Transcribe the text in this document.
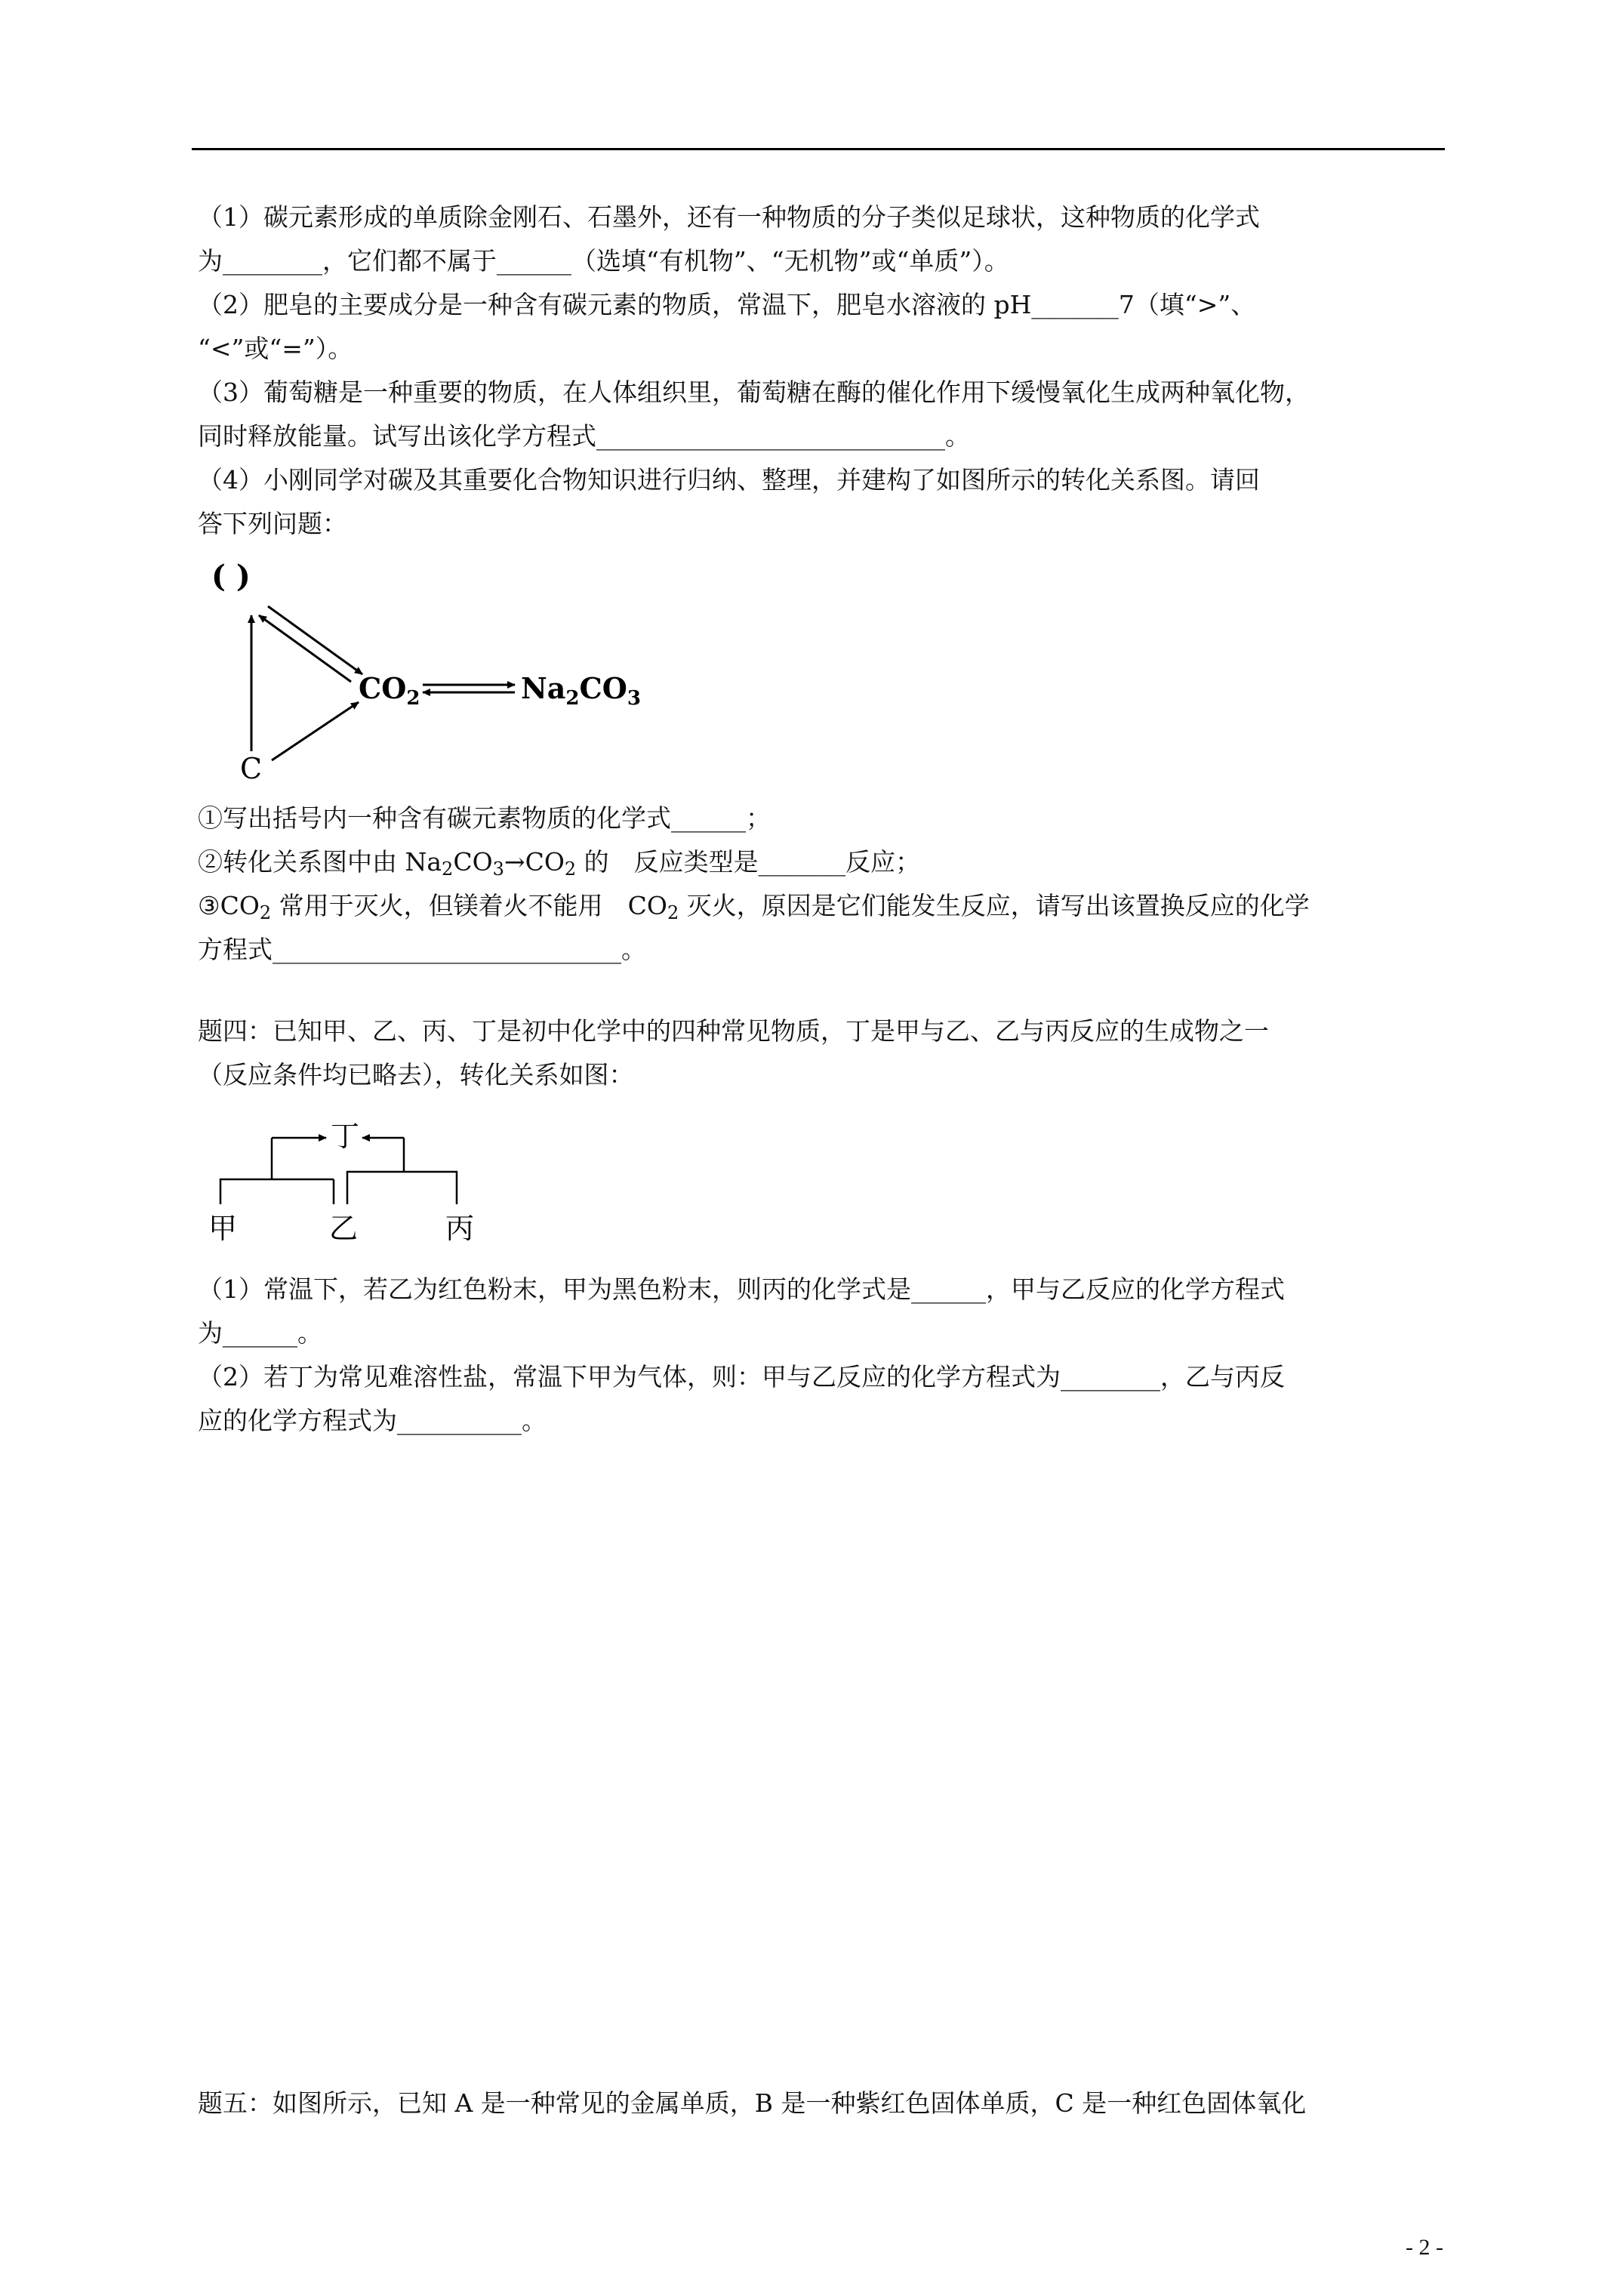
（1）碳元素形成的单质除金刚石、石墨外，还有一种物质的分子类似足球状，这种物质的化学式
为________，它们都不属于______（选填“有机物”、“无机物”或“单质”）。
（2）肥皂的主要成分是一种含有碳元素的物质，常温下，肥皂水溶液的 pH_______7（填“>”、
“<”或“=”）。
（3）葡萄糖是一种重要的物质，在人体组织里，葡萄糖在酶的催化作用下缓慢氧化生成两种氧化物，
同时释放能量。试写出该化学方程式____________________________。
（4）小刚同学对碳及其重要化合物知识进行归纳、整理，并建构了如图所示的转化关系图。请回
答下列问题：
( )
$CO_2$	$Na_2CO_3$
C
①写出括号内一种含有碳元素物质的化学式______；
②转化关系图中由 $Na_2CO_3\to CO_2$ 的　反应类型是_______反应；
$③CO_2$ 常用于灭火，但镁着火不能用　$CO_2$ 灭火，原因是它们能发生反应，请写出该置换反应的化学
方程式____________________________。
题四：已知甲、乙、丙、丁是初中化学中的四种常见物质，丁是甲与乙、乙与丙反应的生成物之一
（反应条件均已略去），转化关系如图：
丁
甲	乙	丙
（1）常温下，若乙为红色粉末，甲为黑色粉末，则丙的化学式是______，甲与乙反应的化学方程式
为______。
（2）若丁为常见难溶性盐，常温下甲为气体，则：甲与乙反应的化学方程式为________，乙与丙反
应的化学方程式为__________。
题五：如图所示，已知 A 是一种常见的金属单质，B 是一种紫红色固体单质，C 是一种红色固体氧化
- 2 -
